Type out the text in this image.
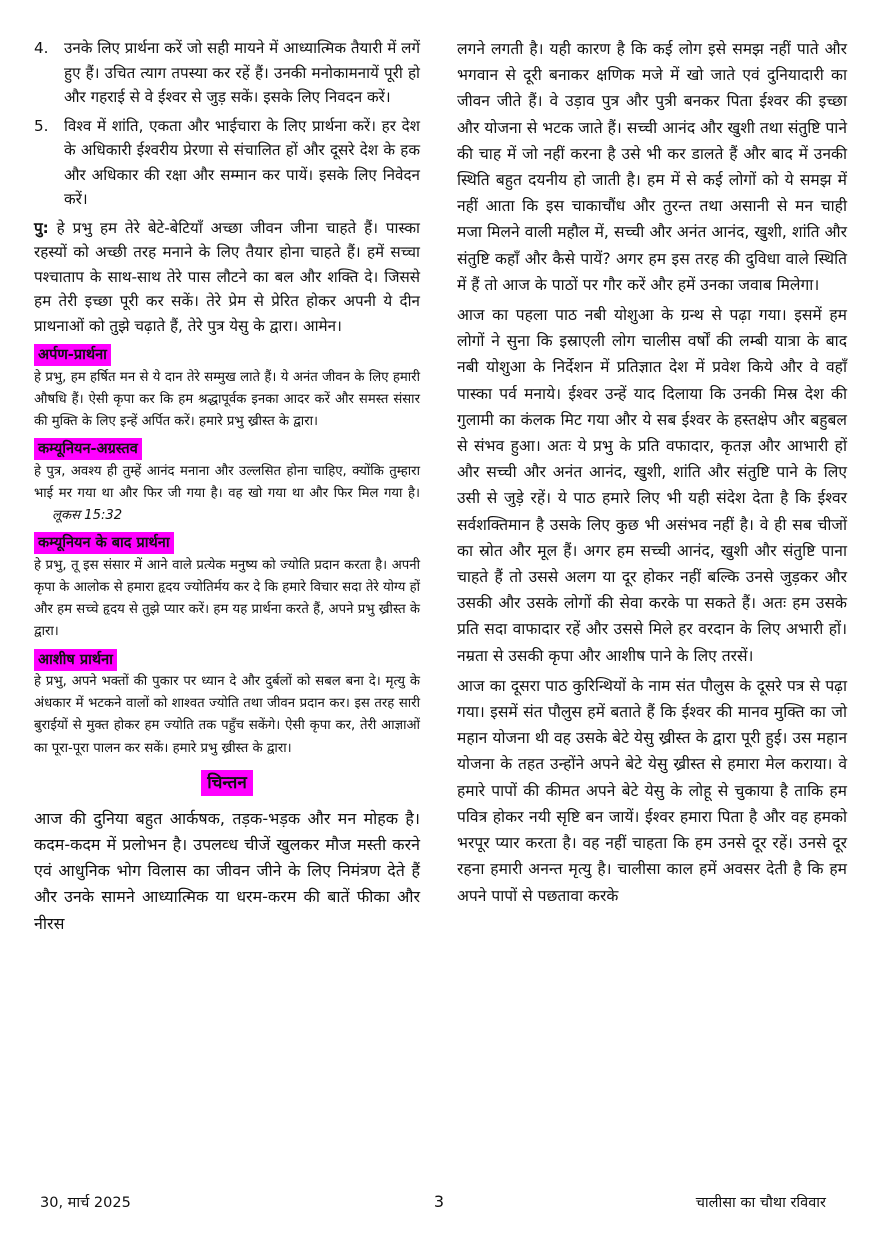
4.	उनके लिए प्रार्थना करें जो सही मायने में आध्यात्मिक तैयारी में लगें हुए हैं। उचित त्याग तपस्या कर रहें हैं। उनकी मनोकामनायें पूरी हो और गहराई से वे ईश्वर से जुड़ सकें। इसके लिए निवदन करें।
5.	विश्व में शांति, एकता और भाईचारा के लिए प्रार्थना करें। हर देश के अधिकारी ईश्वरीय प्रेरणा से संचालित हों और दूसरे देश के हक और अधिकार की रक्षा और सम्मान कर पायें। इसके लिए निवेदन करें।

पु: हे प्रभु हम तेरे बेटे-बेटियाँ अच्छा जीवन जीना चाहते हैं। पास्का रहस्यों को अच्छी तरह मनाने के लिए तैयार होना चाहते हैं। हमें सच्चा पश्चाताप के साथ-साथ तेरे पास लौटने का बल और शक्ति दे। जिससे हम तेरी इच्छा पूरी कर सकें। तेरे प्रेम से प्रेरित होकर अपनी ये दीन प्राथनाओं को तुझे चढ़ाते हैं, तेरे पुत्र येसु के द्वारा। आमेन।

अर्पण-प्रार्थना

हे प्रभु, हम हर्षित मन से ये दान तेरे सम्मुख लाते हैं। ये अनंत जीवन के लिए हमारी औषधि हैं। ऐसी कृपा कर कि हम श्रद्धापूर्वक इनका आदर करें और समस्त संसार की मुक्ति के लिए इन्हें अर्पित करें। हमारे प्रभु ख्रीस्त के द्वारा।

कम्यूनियन-अग्रस्तव

हे पुत्र, अवश्य ही तुम्हें आनंद मनाना और उल्लसित होना चाहिए, क्योंकि तुम्हारा भाई मर गया था और फिर जी गया है। वह खो गया था और फिर मिल गया है।लूकस 15:32

कम्यूनियन के बाद प्रार्थना

हे प्रभु, तू इस संसार में आने वाले प्रत्येक मनुष्य को ज्योति प्रदान करता है। अपनी कृपा के आलोक से हमारा हृदय ज्योतिर्मय कर दे कि हमारे विचार सदा तेरे योग्य हों और हम सच्चे हृदय से तुझे प्यार करें। हम यह प्रार्थना करते हैं, अपने प्रभु ख्रीस्त के द्वारा।

आशीष प्रार्थना

हे प्रभु, अपने भक्तों की पुकार पर ध्यान दे और दुर्बलों को सबल बना दे। मृत्यु के अंधकार में भटकने वालों को शाश्वत ज्योति तथा जीवन प्रदान कर। इस तरह सारी बुराईयों से मुक्त होकर हम ज्योति तक पहुँच सकेंगे। ऐसी कृपा कर, तेरी आज्ञाओं का पूरा-पूरा पालन कर सकें। हमारे प्रभु ख्रीस्त के द्वारा।

चिन्तन

आज की दुनिया बहुत आर्कषक, तड़क-भड़क और मन मोहक है। कदम-कदम में प्रलोभन है। उपलव्ध चीजें खुलकर मौज मस्ती करने एवं आधुनिक भोग विलास का जीवन जीने के लिए निमंत्रण देते हैं और उनके सामने आध्यात्मिक या धरम-करम की बातें फीका और नीरस

लगने लगती है। यही कारण है कि कई लोग इसे समझ नहीं पाते और भगवान से दूरी बनाकर क्षणिक मजे में खो जाते एवं दुनियादारी का जीवन जीते हैं। वे उड़ाव पुत्र और पुत्री बनकर पिता ईश्वर की इच्छा और योजना से भटक जाते हैं। सच्ची आनंद और खुशी तथा संतुष्टि पाने की चाह में जो नहीं करना है उसे भी कर डालते हैं और बाद में उनकी स्थिति बहुत दयनीय हो जाती है। हम में से कई लोगों को ये समझ में नहीं आता कि इस चाकाचौंध और तुरन्त तथा असानी से मन चाही मजा मिलने वाली महौल में, सच्ची और अनंत आनंद, खुशी, शांति और संतुष्टि कहाँ और कैसे पायें? अगर हम इस तरह की दुविधा वाले स्थिति में हैं तो आज के पाठों पर गौर करें और हमें उनका जवाब मिलेगा।

आज का पहला पाठ नबी योशुआ के ग्रन्थ से पढ़ा गया। इसमें हम लोगों ने सुना कि इस्राएली लोग चालीस वर्षों की लम्बी यात्रा के बाद नबी योशुआ के निर्देशन में प्रतिज्ञात देश में प्रवेश किये और वे वहाँ पास्का पर्व मनाये। ईश्वर उन्हें याद दिलाया कि उनकी मिस्र देश की गुलामी का कंलक मिट गया और ये सब ईश्वर के हस्तक्षेप और बहुबल से संभव हुआ। अतः ये प्रभु के प्रति वफादार, कृतज्ञ और आभारी हों और सच्ची और अनंत आनंद, खुशी, शांति और संतुष्टि पाने के लिए उसी से जुड़े रहें। ये पाठ हमारे लिए भी यही संदेश देता है कि ईश्वर सर्वशक्तिमान है उसके लिए कुछ भी असंभव नहीं है। वे ही सब चीजों का स्रोत और मूल हैं। अगर हम सच्ची आनंद, खुशी और संतुष्टि पाना चाहते हैं तो उससे अलग या दूर होकर नहीं बल्कि उनसे जुड़कर और उसकी और उसके लोगों की सेवा करके पा सकते हैं। अतः हम उसके प्रति सदा वाफादार रहें और उससे मिले हर वरदान के लिए अभारी हों। नम्रता से उसकी कृपा और आशीष पाने के लिए तरसें।

आज का दूसरा पाठ कुरिन्थियों के नाम संत पौलुस के दूसरे पत्र से पढ़ा गया। इसमें संत पौलुस हमें बताते हैं कि ईश्वर की मानव मुक्ति का जो महान योजना थी वह उसके बेटे येसु ख्रीस्त के द्वारा पूरी हुई। उस महान योजना के तहत उन्होंने अपने बेटे येसु ख्रीस्त से हमारा मेल कराया। वे हमारे पापों की कीमत अपने बेटे येसु के लोहू से चुकाया है ताकि हम पवित्र होकर नयी सृष्टि बन जायें। ईश्वर हमारा पिता है और वह हमको भरपूर प्यार करता है। वह नहीं चाहता कि हम उनसे दूर रहें। उनसे दूर रहना हमारी अनन्त मृत्यु है। चालीसा काल हमें अवसर देती है कि हम अपने पापों से पछतावा करके

30, मार्च 2025	3	चालीसा का चौथा रविवार
